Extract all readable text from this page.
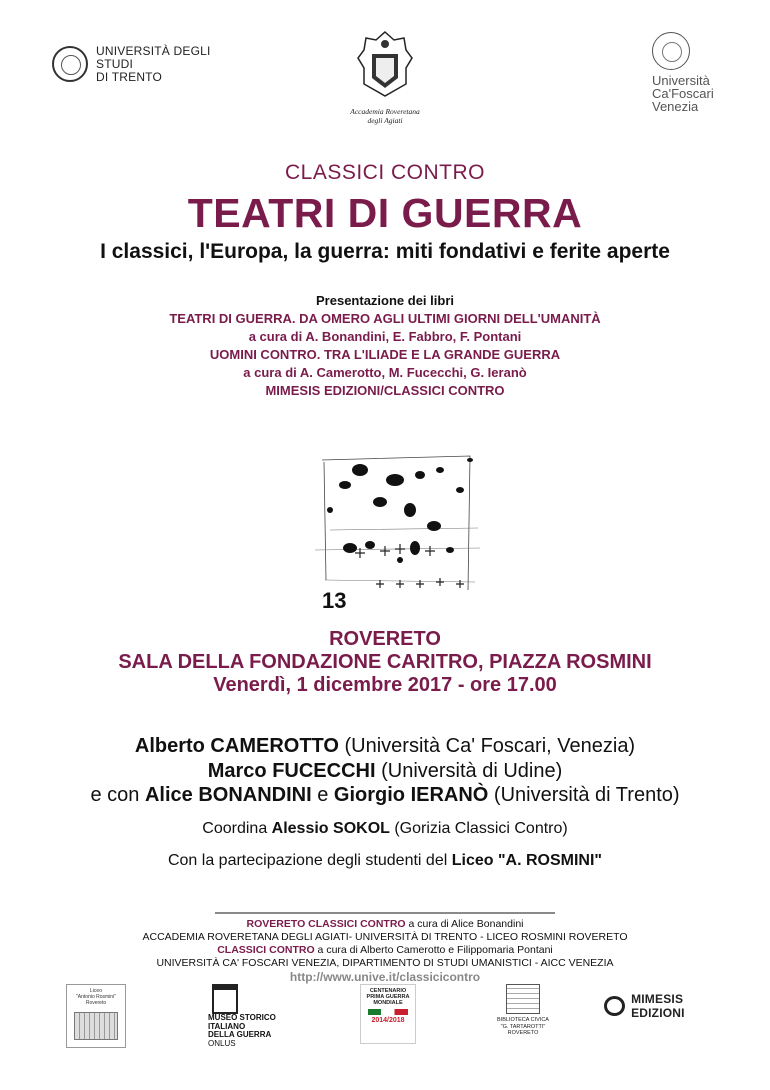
UNIVERSITÀ DEGLI STUDI
DI TRENTO
Accademia Roveretana
degli Agiati
Università
Ca'Foscari
Venezia
CLASSICI CONTRO
TEATRI DI GUERRA
I classici, l'Europa, la guerra: miti fondativi e ferite aperte
Presentazione dei libri
TEATRI DI GUERRA. DA OMERO AGLI ULTIMI GIORNI DELL'UMANITÀ
a cura di A. Bonandini, E. Fabbro, F. Pontani
UOMINI CONTRO. TRA L'ILIADE E LA GRANDE GUERRA
a cura di A. Camerotto, M. Fucecchi, G. Ieranò
MIMESIS EDIZIONI/CLASSICI CONTRO
13
ROVERETO
SALA DELLA FONDAZIONE CARITRO, PIAZZA ROSMINI
Venerdì, 1 dicembre 2017 - ore 17.00
Alberto CAMEROTTO (Università Ca' Foscari, Venezia)
Marco FUCECCHI (Università di Udine)
e con Alice BONANDINI e Giorgio IERANÒ (Università di Trento)
Coordina Alessio SOKOL (Gorizia Classici Contro)
Con la partecipazione degli studenti del Liceo "A. ROSMINI"
ROVERETO CLASSICI CONTRO a cura di Alice Bonandini
ACCADEMIA ROVERETANA DEGLI AGIATI- UNIVERSITÀ DI TRENTO - LICEO ROSMINI ROVERETO
CLASSICI CONTRO a cura di Alberto Camerotto e Filippomaria Pontani
UNIVERSITÀ CA' FOSCARI VENEZIA, DIPARTIMENTO DI STUDI UMANISTICI - AICC VENEZIA
http://www.unive.it/classicicontro
Liceo
"Antonio Rosmini"
Rovereto
MUSEO STORICO
ITALIANO
DELLA GUERRA
ONLUS
CENTENARIO
PRIMA GUERRA
MONDIALE
2014/2018	BIBLIOTECA CIVICA
"G. TARTAROTTI"
ROVERETO
MIMESIS EDIZIONI
